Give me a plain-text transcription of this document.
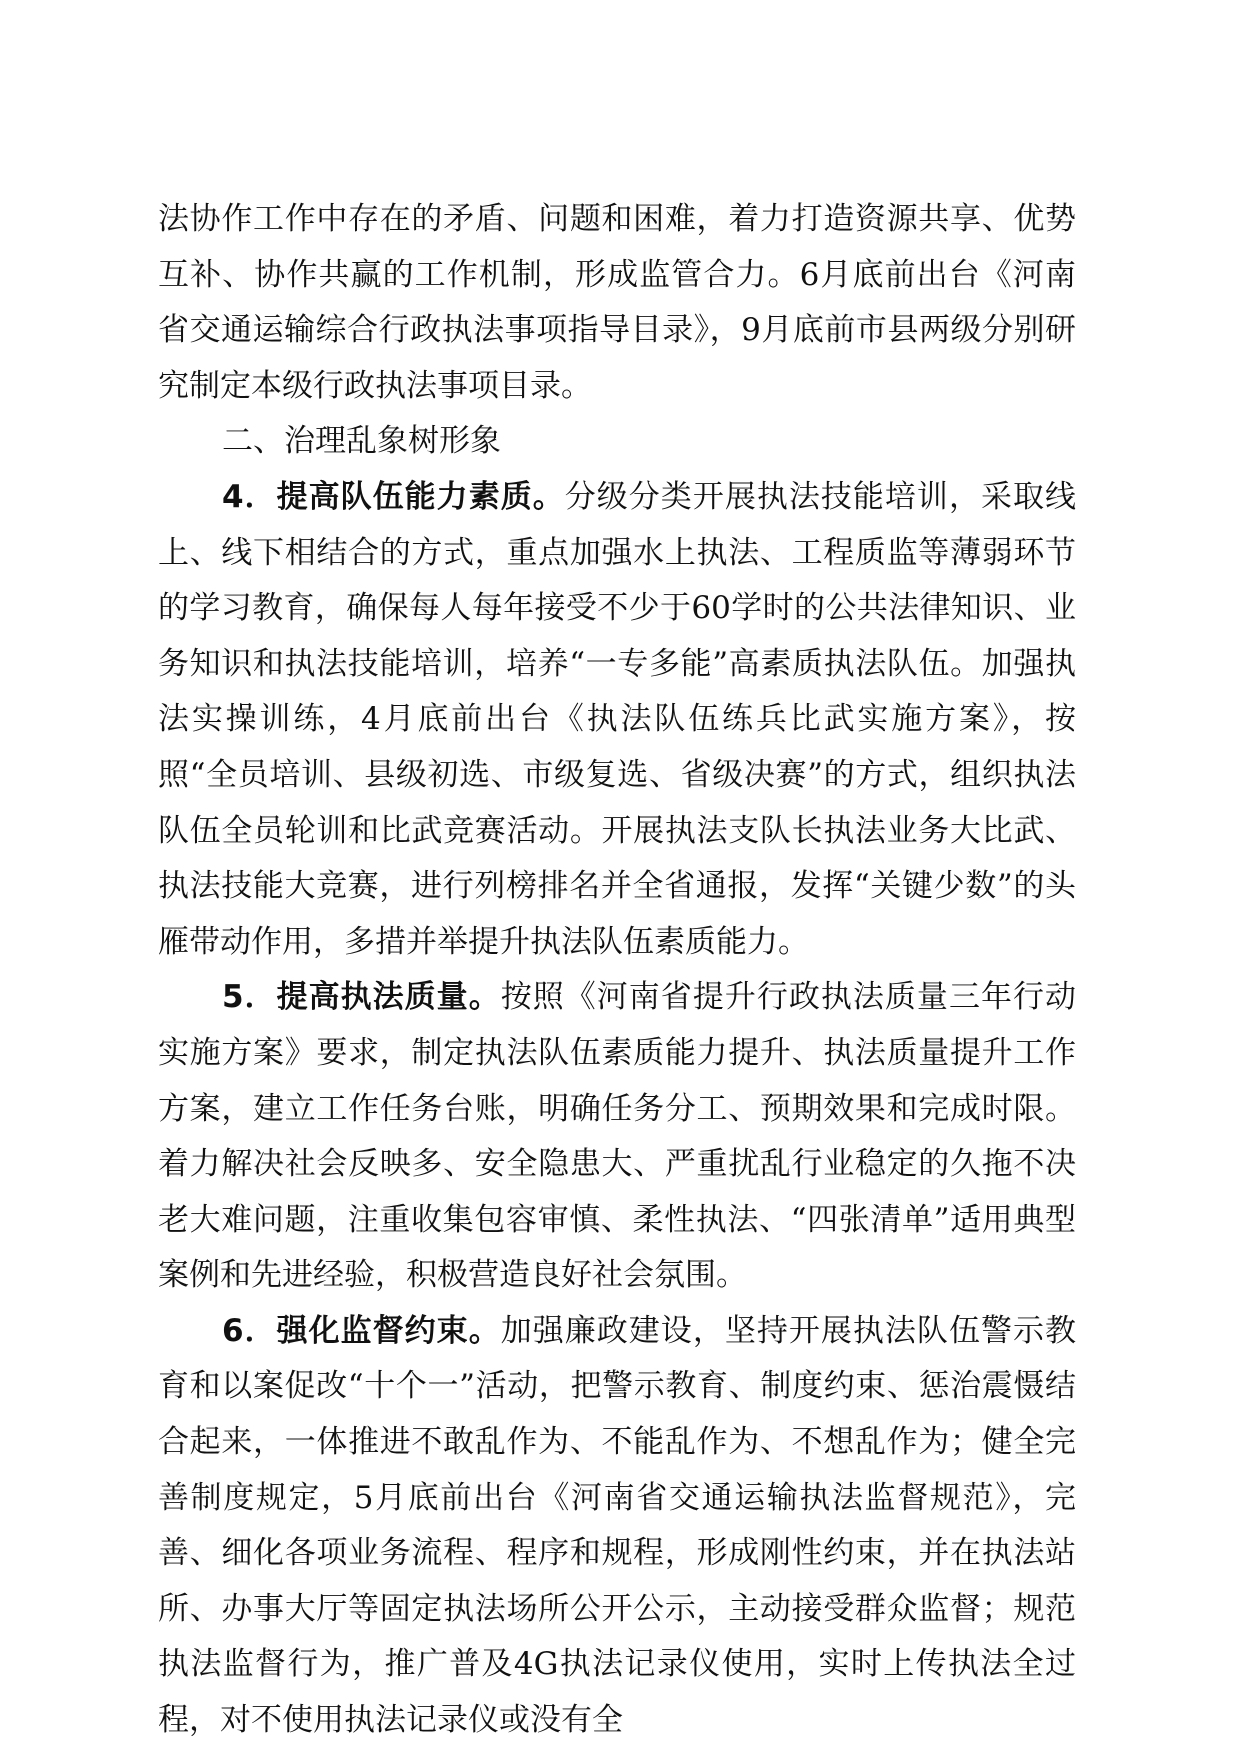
法协作工作中存在的矛盾、问题和困难，着力打造资源共享、优势互补、协作共赢的工作机制，形成监管合力。6月底前出台《河南省交通运输综合行政执法事项指导目录》，9月底前市县两级分别研究制定本级行政执法事项目录。

二、治理乱象树形象

4．提高队伍能力素质。分级分类开展执法技能培训，采取线上、线下相结合的方式，重点加强水上执法、工程质监等薄弱环节的学习教育，确保每人每年接受不少于60学时的公共法律知识、业务知识和执法技能培训，培养“一专多能”高素质执法队伍。加强执法实操训练，4月底前出台《执法队伍练兵比武实施方案》，按照“全员培训、县级初选、市级复选、省级决赛”的方式，组织执法队伍全员轮训和比武竞赛活动。开展执法支队长执法业务大比武、执法技能大竞赛，进行列榜排名并全省通报，发挥“关键少数”的头雁带动作用，多措并举提升执法队伍素质能力。

5．提高执法质量。按照《河南省提升行政执法质量三年行动实施方案》要求，制定执法队伍素质能力提升、执法质量提升工作方案，建立工作任务台账，明确任务分工、预期效果和完成时限。着力解决社会反映多、安全隐患大、严重扰乱行业稳定的久拖不决老大难问题，注重收集包容审慎、柔性执法、“四张清单”适用典型案例和先进经验，积极营造良好社会氛围。

6．强化监督约束。加强廉政建设，坚持开展执法队伍警示教育和以案促改“十个一”活动，把警示教育、制度约束、惩治震慑结合起来，一体推进不敢乱作为、不能乱作为、不想乱作为；健全完善制度规定，5月底前出台《河南省交通运输执法监督规范》，完善、细化各项业务流程、程序和规程，形成刚性约束，并在执法站所、办事大厅等固定执法场所公开公示，主动接受群众监督；规范执法监督行为，推广普及4G执法记录仪使用，实时上传执法全过程，对不使用执法记录仪或没有全
